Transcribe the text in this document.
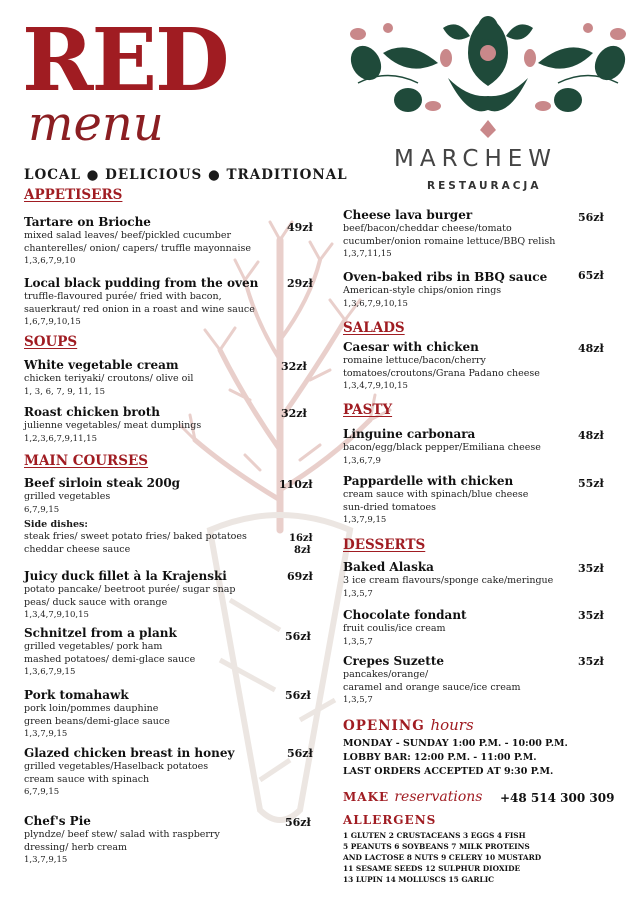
RED
menu
LOCAL ● DELICIOUS ● TRADITIONAL
MARCHEW
RESTAURACJA
APPETISERS
Tartare on Brioche
mixed salad leaves/ beef/pickled cucumber
chanterelles/ onion/ capers/ truffle mayonnaise
1,3,6,7,9,10
49zł
Local black pudding from the oven
truffle-flavoured purée/ fried with bacon,
sauerkraut/ red onion in a roast and wine sauce
1,6,7,9,10,15
29zł
SOUPS
White vegetable cream
chicken teriyaki/ croutons/ olive oil
1, 3, 6, 7, 9, 11, 15
32zł
Roast chicken broth
julienne vegetables/ meat dumplings
1,2,3,6,7,9,11,15
32zł
MAIN COURSES
Beef sirloin steak 200g
grilled vegetables
6,7,9,15
110zł
Side dishes:
steak fries/ sweet potato fries/ baked potatoes
cheddar cheese sauce
16zł
8zł
Juicy duck fillet à la Krajenski
potato pancake/ beetroot purée/ sugar snap
peas/ duck sauce with orange
1,3,4,7,9,10,15
69zł
Schnitzel from a plank
grilled vegetables/ pork ham
mashed potatoes/ demi-glace sauce
1,3,6,7,9,15
56zł
Pork tomahawk
pork loin/pommes dauphine
green beans/demi-glace sauce
1,3,7,9,15
56zł
Glazed chicken breast in honey
grilled vegetables/Haselback potatoes
cream sauce with spinach
6,7,9,15
56zł
Chef's Pie
plyndze/ beef stew/ salad with raspberry
dressing/ herb cream
1,3,7,9,15
56zł
Cheese lava burger
beef/bacon/cheddar cheese/tomato
cucumber/onion romaine lettuce/BBQ relish
1,3,7,11,15
56zł
Oven-baked ribs in BBQ sauce
American-style chips/onion rings
1,3,6,7,9,10,15
65zł
SALADS
Caesar with chicken
romaine lettuce/bacon/cherry
tomatoes/croutons/Grana Padano cheese
1,3,4,7,9,10,15
48zł
PASTY
Linguine carbonara
bacon/egg/black pepper/Emiliana cheese
1,3,6,7,9
48zł
Pappardelle with chicken
cream sauce with spinach/blue cheese
sun-dried tomatoes
1,3,7,9,15
55zł
DESSERTS
Baked Alaska
3 ice cream flavours/sponge cake/meringue
1,3,5,7
35zł
Chocolate fondant
fruit coulis/ice cream
1,3,5,7
35zł
Crepes Suzette
pancakes/orange/
caramel and orange sauce/ice cream
1,3,5,7
35zł
OPENING hours
MONDAY - SUNDAY 1:00 P.M. - 10:00 P.M.
LOBBY BAR: 12:00 P.M. - 11:00 P.M.
LAST ORDERS ACCEPTED AT 9:30 P.M.
MAKE reservations +48 514 300 309
ALLERGENS
1 GLUTEN 2 CRUSTACEANS 3 EGGS 4 FISH
5 PEANUTS 6 SOYBEANS 7 MILK PROTEINS
AND LACTOSE 8 NUTS 9 CELERY 10 MUSTARD
11 SESAME SEEDS 12 SULPHUR DIOXIDE
13 LUPIN 14 MOLLUSCS 15 GARLIC
